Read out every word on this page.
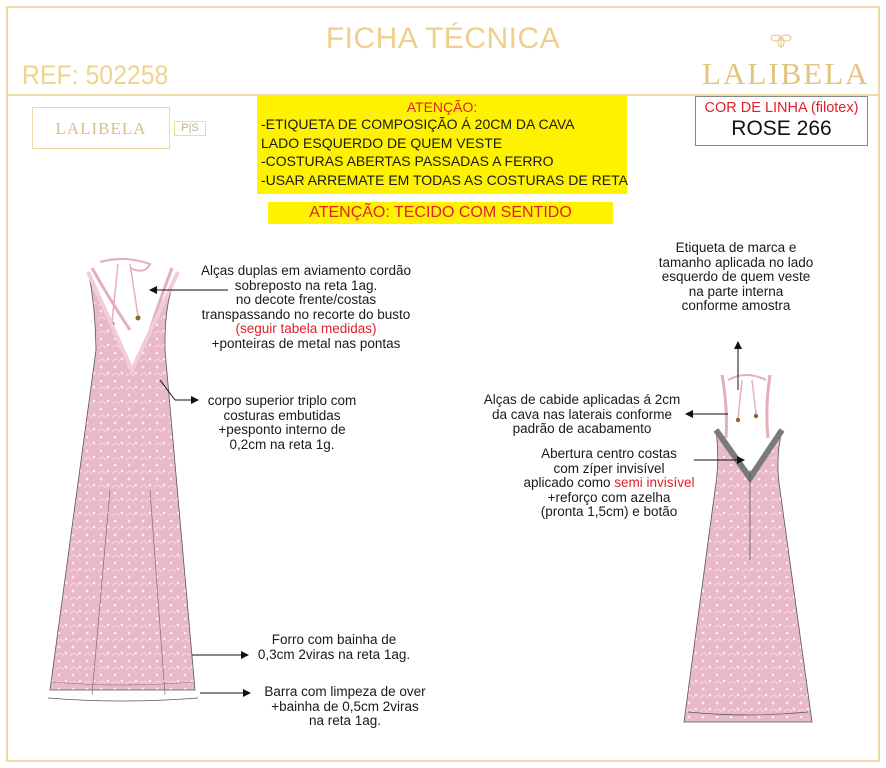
FICHA TÉCNICA
REF: 502258	LALIBELA
LALIBELA	P|S
ATENÇÃO:
-ETIQUETA DE COMPOSIÇÃO Á 20CM DA CAVA
LADO ESQUERDO DE QUEM VESTE
-COSTURAS ABERTAS PASSADAS A FERRO
-USAR ARREMATE EM TODAS AS COSTURAS DE RETA
ATENÇÃO: TECIDO COM SENTIDO
COR DE LINHA (filotex)
ROSE 266
Alças duplas em aviamento cordão
sobreposto na reta 1ag.
no decote frente/costas
transpassando no recorte do busto
(seguir tabela medidas)
+ponteiras de metal nas pontas
corpo superior triplo com
costuras embutidas
+pesponto interno de
0,2cm na reta 1g.
Forro com bainha de
0,3cm 2viras na reta 1ag.
Barra com limpeza de over
+bainha de 0,5cm 2viras
na reta 1ag.
Etiqueta de marca e
tamanho aplicada no lado
esquerdo de quem veste
na parte interna
conforme amostra
Alças de cabide aplicadas á 2cm
da cava nas laterais conforme
padrão de acabamento
Abertura centro costas
com zíper invisível
aplicado como semi invisível
+reforço com azelha
(pronta 1,5cm) e botão
